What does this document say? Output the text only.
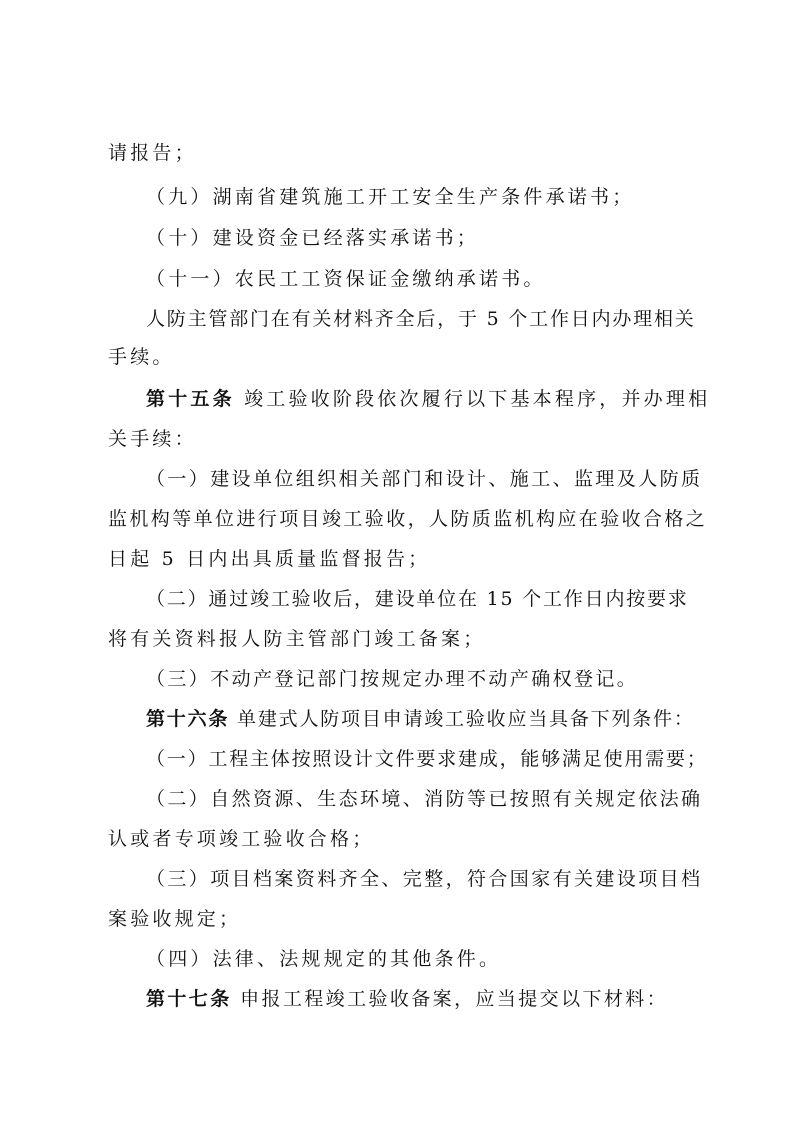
请报告；
（九）湖南省建筑施工开工安全生产条件承诺书；
（十）建设资金已经落实承诺书；
（十一）农民工工资保证金缴纳承诺书。
人防主管部门在有关材料齐全后，于 5 个工作日内办理相关
手续。
第十五条 竣工验收阶段依次履行以下基本程序，并办理相
关手续：
（一）建设单位组织相关部门和设计、施工、监理及人防质
监机构等单位进行项目竣工验收，人防质监机构应在验收合格之
日起 5 日内出具质量监督报告；
（二）通过竣工验收后，建设单位在 15 个工作日内按要求
将有关资料报人防主管部门竣工备案；
（三）不动产登记部门按规定办理不动产确权登记。
第十六条 单建式人防项目申请竣工验收应当具备下列条件：
（一）工程主体按照设计文件要求建成，能够满足使用需要；
（二）自然资源、生态环境、消防等已按照有关规定依法确
认或者专项竣工验收合格；
（三）项目档案资料齐全、完整，符合国家有关建设项目档
案验收规定；
（四）法律、法规规定的其他条件。
第十七条 申报工程竣工验收备案，应当提交以下材料：
